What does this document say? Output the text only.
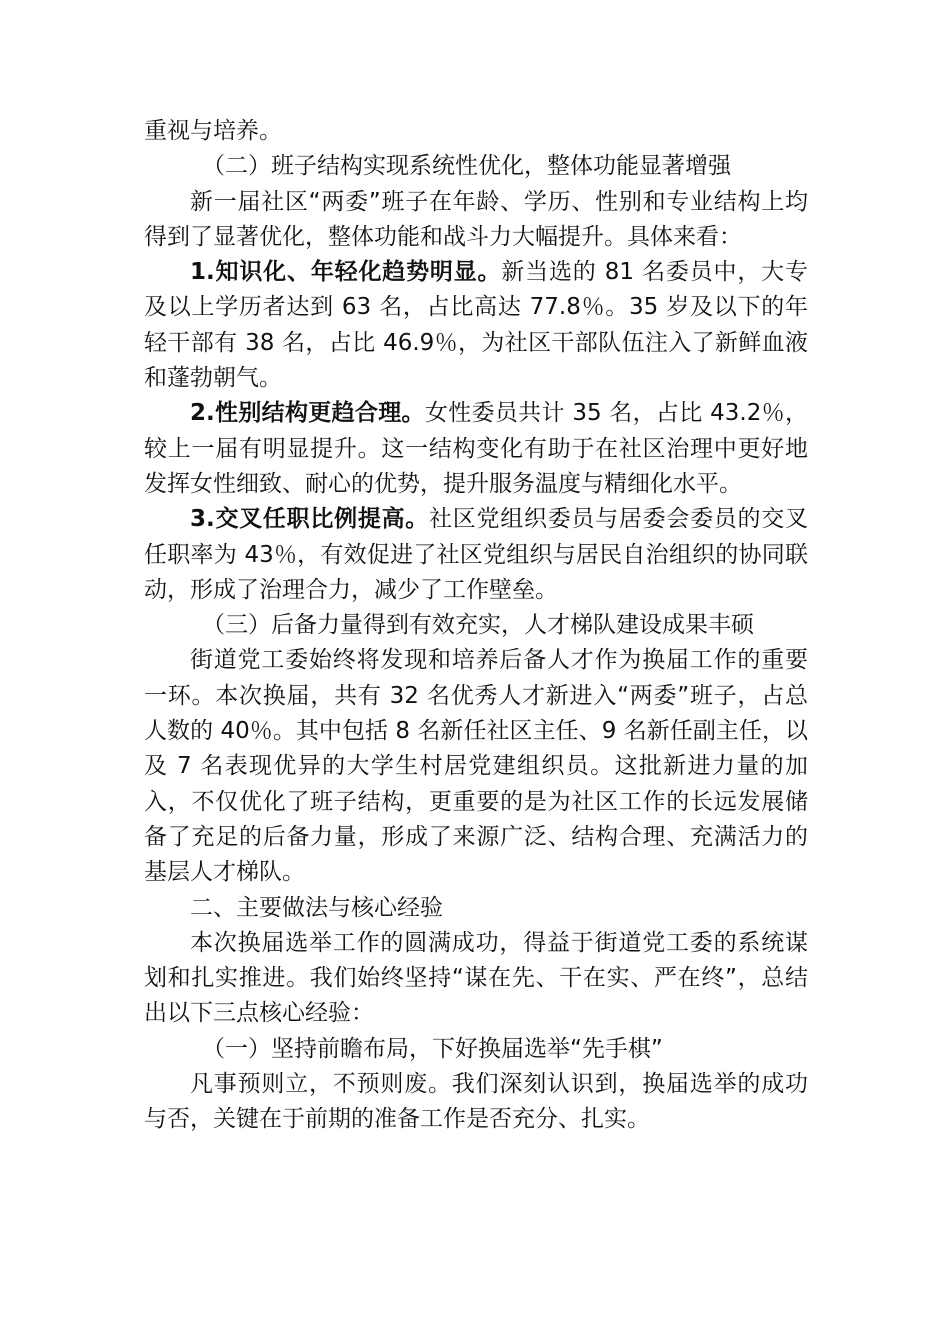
重视与培养。

（二）班子结构实现系统性优化，整体功能显著增强

新一届社区“两委”班子在年龄、学历、性别和专业结构上均得到了显著优化，整体功能和战斗力大幅提升。具体来看：

1.知识化、年轻化趋势明显。新当选的 81 名委员中，大专及以上学历者达到 63 名，占比高达 77.8％。35 岁及以下的年轻干部有 38 名，占比 46.9％，为社区干部队伍注入了新鲜血液和蓬勃朝气。

2.性别结构更趋合理。女性委员共计 35 名，占比 43.2％，较上一届有明显提升。这一结构变化有助于在社区治理中更好地发挥女性细致、耐心的优势，提升服务温度与精细化水平。

3.交叉任职比例提高。社区党组织委员与居委会委员的交叉任职率为 43％，有效促进了社区党组织与居民自治组织的协同联动，形成了治理合力，减少了工作壁垒。

（三）后备力量得到有效充实，人才梯队建设成果丰硕

街道党工委始终将发现和培养后备人才作为换届工作的重要一环。本次换届，共有 32 名优秀人才新进入“两委”班子，占总人数的 40％。其中包括 8 名新任社区主任、9 名新任副主任，以及 7 名表现优异的大学生村居党建组织员。这批新进力量的加入，不仅优化了班子结构，更重要的是为社区工作的长远发展储备了充足的后备力量，形成了来源广泛、结构合理、充满活力的基层人才梯队。

二、主要做法与核心经验

本次换届选举工作的圆满成功，得益于街道党工委的系统谋划和扎实推进。我们始终坚持“谋在先、干在实、严在终”，总结出以下三点核心经验：

（一）坚持前瞻布局，下好换届选举“先手棋”

凡事预则立，不预则废。我们深刻认识到，换届选举的成功与否，关键在于前期的准备工作是否充分、扎实。
